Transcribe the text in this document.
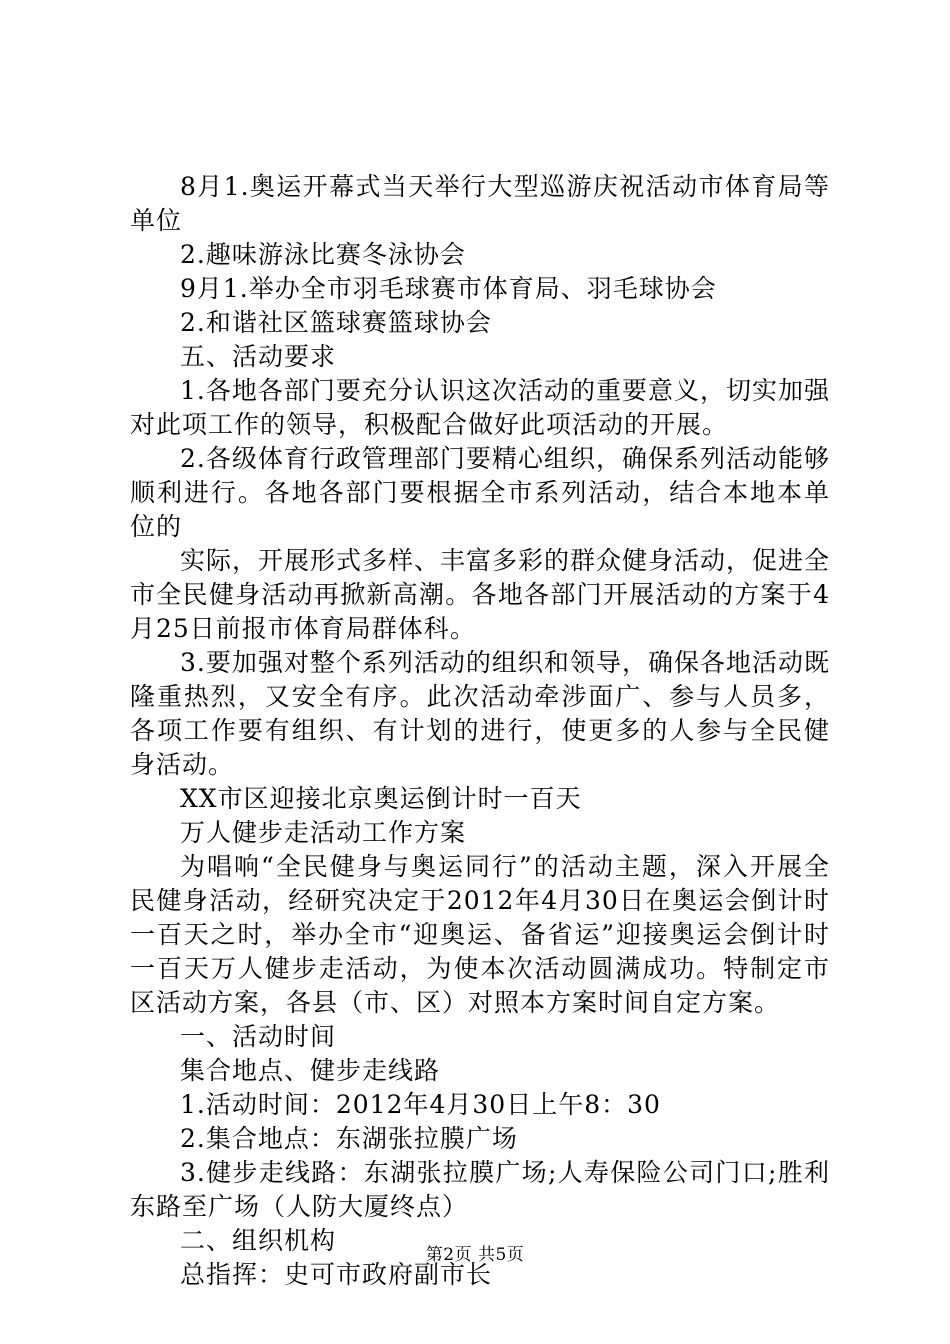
8月1.奥运开幕式当天举行大型巡游庆祝活动市体育局等单位

2.趣味游泳比赛冬泳协会

9月1.举办全市羽毛球赛市体育局、羽毛球协会

2.和谐社区篮球赛篮球协会

五、活动要求

1.各地各部门要充分认识这次活动的重要意义，切实加强对此项工作的领导，积极配合做好此项活动的开展。

2.各级体育行政管理部门要精心组织，确保系列活动能够顺利进行。各地各部门要根据全市系列活动，结合本地本单位的

实际，开展形式多样、丰富多彩的群众健身活动，促进全市全民健身活动再掀新高潮。各地各部门开展活动的方案于4月25日前报市体育局群体科。

3.要加强对整个系列活动的组织和领导，确保各地活动既隆重热烈，又安全有序。此次活动牵涉面广、参与人员多，各项工作要有组织、有计划的进行，使更多的人参与全民健身活动。

XX市区迎接北京奥运倒计时一百天

万人健步走活动工作方案

为唱响“全民健身与奥运同行”的活动主题，深入开展全民健身活动，经研究决定于2012年4月30日在奥运会倒计时一百天之时，举办全市“迎奥运、备省运”迎接奥运会倒计时一百天万人健步走活动，为使本次活动圆满成功。特制定市区活动方案，各县（市、区）对照本方案时间自定方案。

一、活动时间

集合地点、健步走线路

1.活动时间：2012年4月30日上午8：30

2.集合地点：东湖张拉膜广场

3.健步走线路：东湖张拉膜广场;人寿保险公司门口;胜利东路至广场（人防大厦终点）

二、组织机构

总指挥：史可市政府副市长

第2页 共5页
